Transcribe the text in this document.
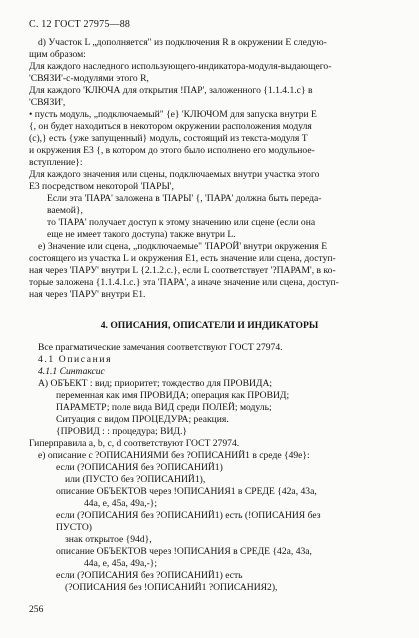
С. 12 ГОСТ 27975—88
d) Участок L „дополняется" из подключения R в окружении E следую-
щим образом:
Для каждого наследного использующего-индикатора-модуля-выдающего-
'СВЯЗИ'-с-модулями этого R,
Для каждого 'КЛЮЧА для открытия !ПАР', заложенного {1.1.4.1.c} в
'СВЯЗИ',
• пусть модуль, „подключаемый" {e} 'КЛЮЧОМ для запуска внутри E
{, он будет находиться в некотором окружении расположения модуля
(c),} есть {уже запущенный} модуль, состоящий из текста-модуля T
и окружения E3 {, в котором до этого было исполнено его модульное-
вступление}:
Для каждого значения или сцены, подключаемых внутри участка этого
E3 посредством некоторой 'ПАРЫ',
Если эта 'ПАРА' заложена в 'ПАРЫ' {, 'ПАРА' должна быть переда-
ваемой},
то 'ПАРА' получает доступ к этому значению или сцене (если она
еще не имеет такого доступа) также внутри L.
e) Значение или сцена, „подключаемые" 'ПАРОЙ' внутри окружения E
состоящего из участка L и окружения E1, есть значение или сцена, доступ-
ная через 'ПАРУ' внутри L {2.1.2.c.}, если L соответствует '?ПАРАМ', в ко-
торые заложена {1.1.4.1.c.} эта 'ПАРА', а иначе значение или сцена, доступ-
ная через 'ПАРУ' внутри E1.
4. ОПИСАНИЯ, ОПИСАТЕЛИ И ИНДИКАТОРЫ
Все прагматические замечания соответствуют ГОСТ 27974.
4.1 Описания
4.1.1 Синтаксис
A) ОБЪЕКТ : вид; приоритет; тождество для ПРОВИДА;
переменная как имя ПРОВИДА; операция как ПРОВИД;
ПАРАМЕТР; поле вида ВИД среди ПОЛЕЙ; модуль;
Ситуация с видом ПРОЦЕДУРА; реакция.
{ПРОВИД : : процедура; ВИД.}
Гиперправила a, b, c, d соответствуют ГОСТ 27974.
e) описание с ?ОПИСАНИЯМИ без ?ОПИСАНИЙ1 в среде {49e}:
если (?ОПИСАНИЯ без ?ОПИСАНИЙ1)
или (ПУСТО без ?ОПИСАНИЙ1),
описание ОБЪЕКТОВ через !ОПИСАНИЯ1 в СРЕДЕ {42a, 43a,
44a, e, 45a, 49a,-};
если (?ОПИСАНИЯ без ?ОПИСАНИЙ1) есть (!ОПИСАНИЯ без
ПУСТО)
знак открытое {94d},
описание ОБЪЕКТОВ через !ОПИСАНИЯ в СРЕДЕ {42a, 43a,
44a, e, 45a, 49a,-};
если (?ОПИСАНИЯ без ?ОПИСАНИЙ1) есть
(?ОПИСАНИЯ без !ОПИСАНИЙ1 ?ОПИСАНИЯ2),
256
